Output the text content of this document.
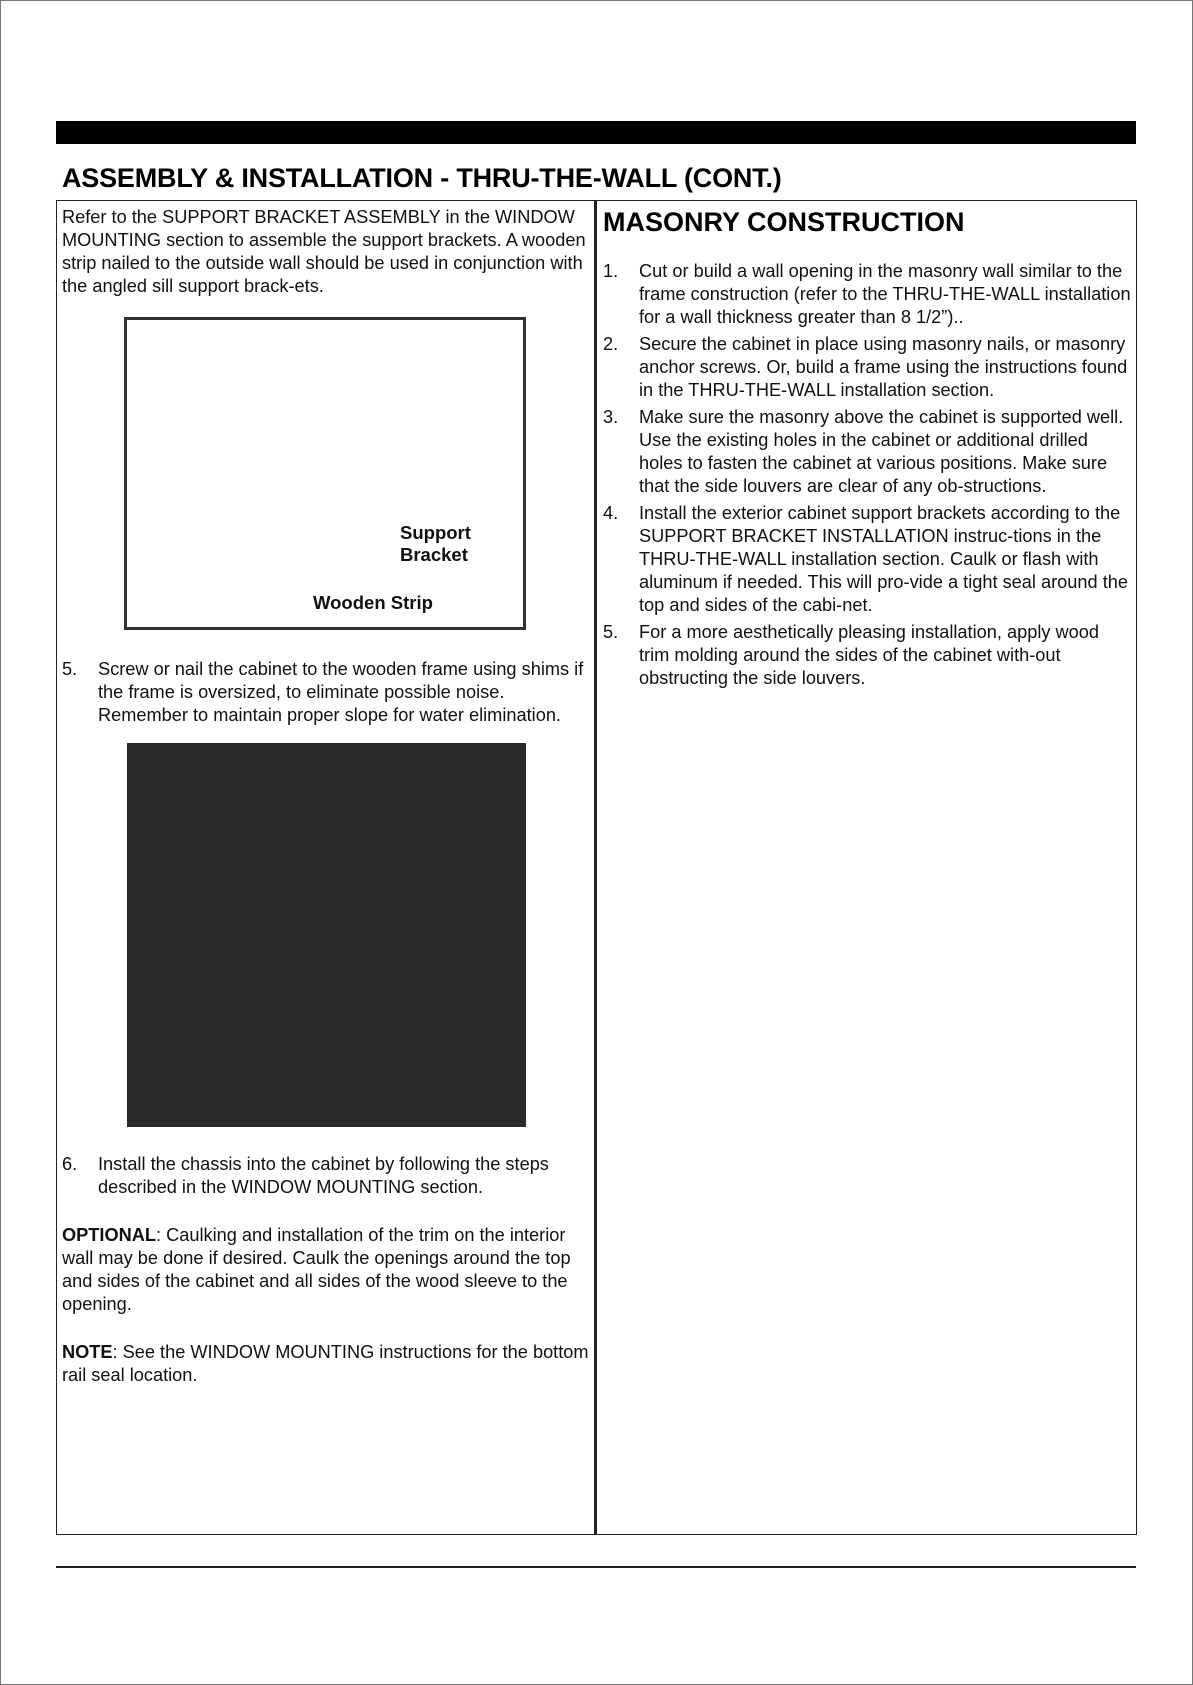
ASSEMBLY & INSTALLATION - THRU-THE-WALL (CONT.)

Refer to the SUPPORT BRACKET ASSEMBLY in the WINDOW MOUNTING section to assemble the support brackets. A wooden strip nailed to the outside wall should be used in conjunction with the angled sill support brack-ets.

Support
Bracket
Wooden Strip
5.	Screw or nail the cabinet to the wooden frame using shims if the frame is oversized, to eliminate possible noise. Remember to maintain proper slope for water elimination.
6.	Install the chassis into the cabinet by following the steps described in the WINDOW MOUNTING section.

OPTIONAL: Caulking and installation of the trim on the interior wall may be done if desired. Caulk the openings around the top and sides of the cabinet and all sides of the wood sleeve to the opening.

NOTE: See the WINDOW MOUNTING instructions for the bottom rail seal location.

MASONRY CONSTRUCTION
1.	Cut or build a wall opening in the masonry wall similar to the frame construction (refer to the THRU-THE-WALL installation for a wall thickness greater than 8 1/2”)..
2.	Secure the cabinet in place using masonry nails, or masonry anchor screws. Or, build a frame using the instructions found in the THRU-THE-WALL installation section.
3.	Make sure the masonry above the cabinet is supported well. Use the existing holes in the cabinet or additional drilled holes to fasten the cabinet at various positions. Make sure that the side louvers are clear of any ob-structions.
4.	Install the exterior cabinet support brackets according to the SUPPORT BRACKET INSTALLATION instruc-tions in the THRU-THE-WALL installation section. Caulk or flash with aluminum if needed. This will pro-vide a tight seal around the top and sides of the cabi-net.
5.	For a more aesthetically pleasing installation, apply wood trim molding around the sides of the cabinet with-out obstructing the side louvers.
